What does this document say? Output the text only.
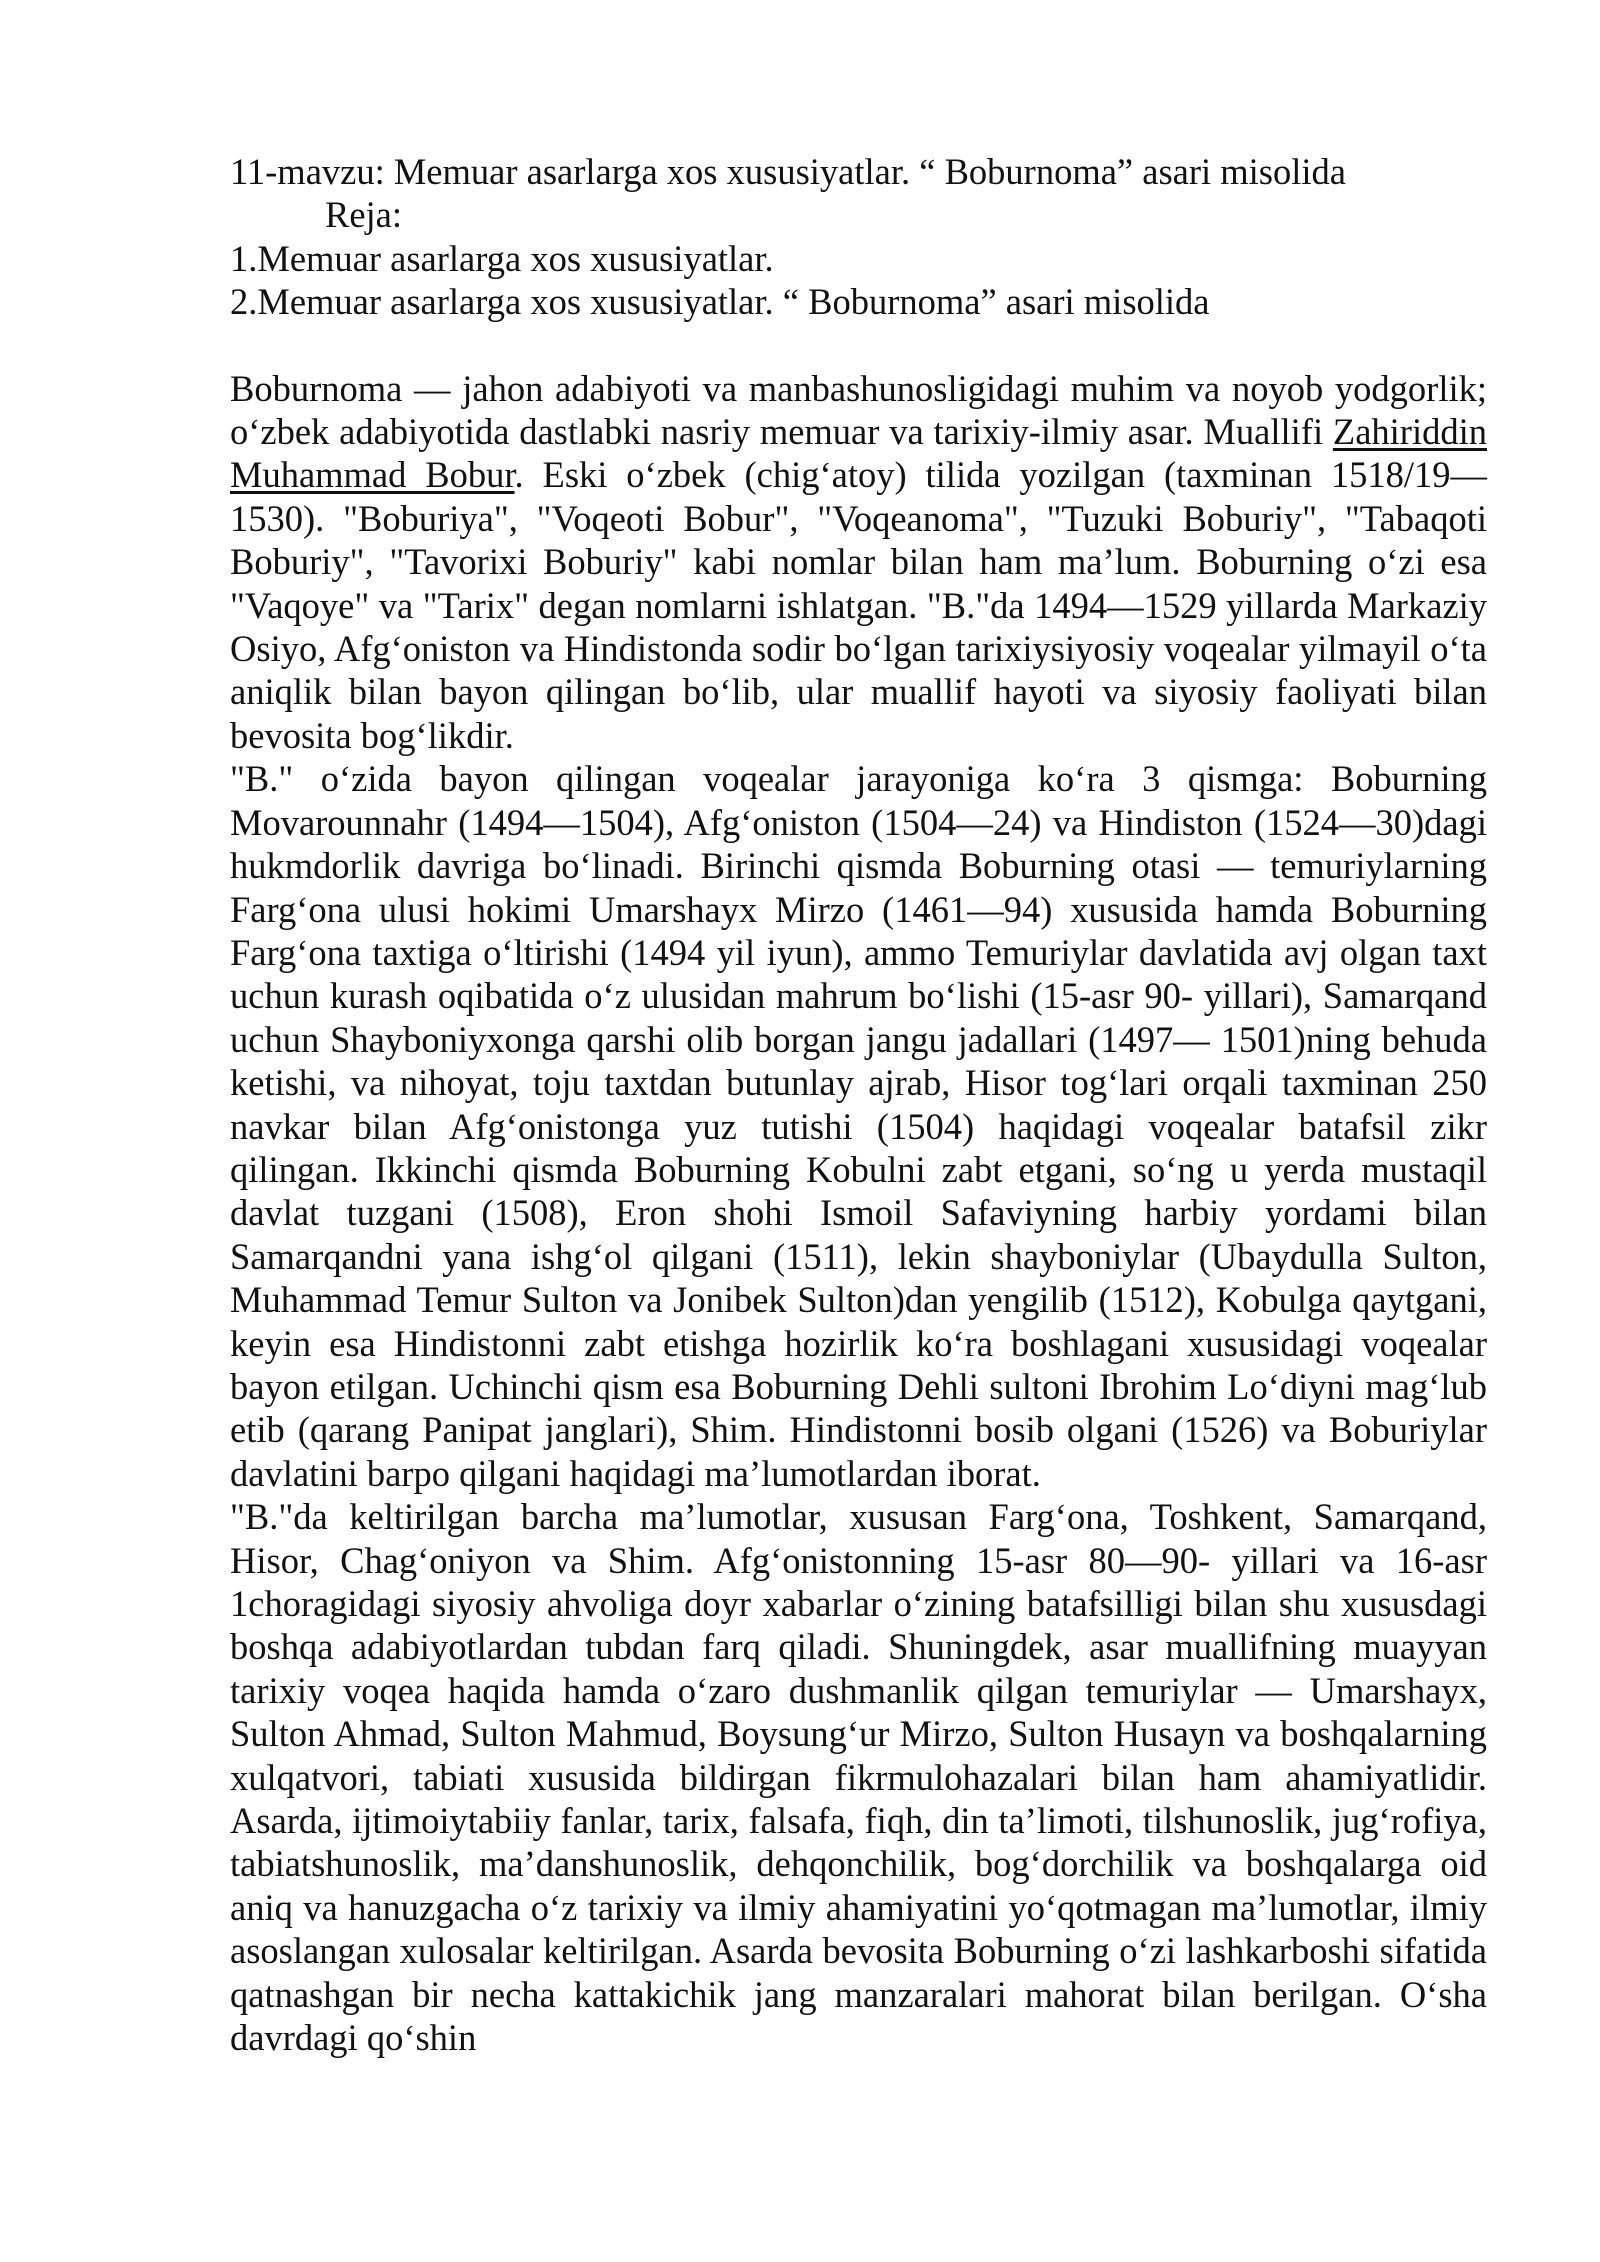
11-mavzu: Memuar asarlarga xos xususiyatlar. “ Boburnoma” asari misolida

Reja:

1.Memuar asarlarga xos xususiyatlar.

2.Memuar asarlarga xos xususiyatlar. “ Boburnoma” asari misolida

Boburnoma — jahon adabiyoti va manbashunosligidagi muhim va noyob yodgorlik; oʻzbek adabiyotida dastlabki nasriy memuar va tarixiy-ilmiy asar. Muallifi Zahiriddin Muhammad Bobur. Eski oʻzbek (chigʻatoy) tilida yozilgan (taxminan 1518/19—1530). "Boburiya", "Voqeoti Bobur", "Voqeanoma", "Tuzuki Boburiy", "Tabaqoti Boburiy", "Tavorixi Boburiy" kabi nomlar bilan ham maʼlum. Boburning oʻzi esa "Vaqoye" va "Tarix" degan nomlarni ishlatgan. "B."da 1494—1529 yillarda Markaziy Osiyo, Afgʻoniston va Hindistonda sodir boʻlgan tarixiysiyosiy voqealar yilmayil oʻta aniqlik bilan bayon qilingan boʻlib, ular muallif hayoti va siyosiy faoliyati bilan bevosita bogʻlikdir.

"B." oʻzida bayon qilingan voqealar jarayoniga koʻra 3 qismga: Boburning Movarounnahr (1494—1504), Afgʻoniston (1504—24) va Hindiston (1524—30)dagi hukmdorlik davriga boʻlinadi. Birinchi qismda Boburning otasi — temuriylarning Fargʻona ulusi hokimi Umarshayx Mirzo (1461—94) xususida hamda Boburning Fargʻona taxtiga oʻltirishi (1494 yil iyun), ammo Temuriylar davlatida avj olgan taxt uchun kurash oqibatida oʻz ulusidan mahrum boʻlishi (15-asr 90- yillari), Samarqand uchun Shayboniyxonga qarshi olib borgan jangu jadallari (1497— 1501)ning behuda ketishi, va nihoyat, toju taxtdan butunlay ajrab, Hisor togʻlari orqali taxminan 250 navkar bilan Afgʻonistonga yuz tutishi (1504) haqidagi voqealar batafsil zikr qilingan. Ikkinchi qismda Boburning Kobulni zabt etgani, soʻng u yerda mustaqil davlat tuzgani (1508), Eron shohi Ismoil Safaviyning harbiy yordami bilan Samarqandni yana ishgʻol qilgani (1511), lekin shayboniylar (Ubaydulla Sulton, Muhammad Temur Sulton va Jonibek Sulton)dan yengilib (1512), Kobulga qaytgani, keyin esa Hindistonni zabt etishga hozirlik koʻra boshlagani xususidagi voqealar bayon etilgan. Uchinchi qism esa Boburning Dehli sultoni Ibrohim Loʻdiyni magʻlub etib (qarang Panipat janglari), Shim. Hindistonni bosib olgani (1526) va Boburiylar davlatini barpo qilgani haqidagi maʼlumotlardan iborat.

"B."da keltirilgan barcha maʼlumotlar, xususan Fargʻona, Toshkent, Samarqand, Hisor, Chagʻoniyon va Shim. Afgʻonistonning 15-asr 80—90- yillari va 16-asr 1choragidagi siyosiy ahvoliga doyr xabarlar oʻzining batafsilligi bilan shu xususdagi boshqa adabiyotlardan tubdan farq qiladi. Shuningdek, asar muallifning muayyan tarixiy voqea haqida hamda oʻzaro dushmanlik qilgan temuriylar — Umarshayx, Sulton Ahmad, Sulton Mahmud, Boysungʻur Mirzo, Sulton Husayn va boshqalarning xulqatvori, tabiati xususida bildirgan fikrmulohazalari bilan ham ahamiyatlidir. Asarda, ijtimoiytabiiy fanlar, tarix, falsafa, fiqh, din taʼlimoti, tilshunoslik, jugʻrofiya, tabiatshunoslik, maʼdanshunoslik, dehqonchilik, bogʻdorchilik va boshqalarga oid aniq va hanuzgacha oʻz tarixiy va ilmiy ahamiyatini yoʻqotmagan maʼlumotlar, ilmiy asoslangan xulosalar keltirilgan. Asarda bevosita Boburning oʻzi lashkarboshi sifatida qatnashgan bir necha kattakichik jang manzaralari mahorat bilan berilgan. Oʻsha davrdagi qoʻshin
